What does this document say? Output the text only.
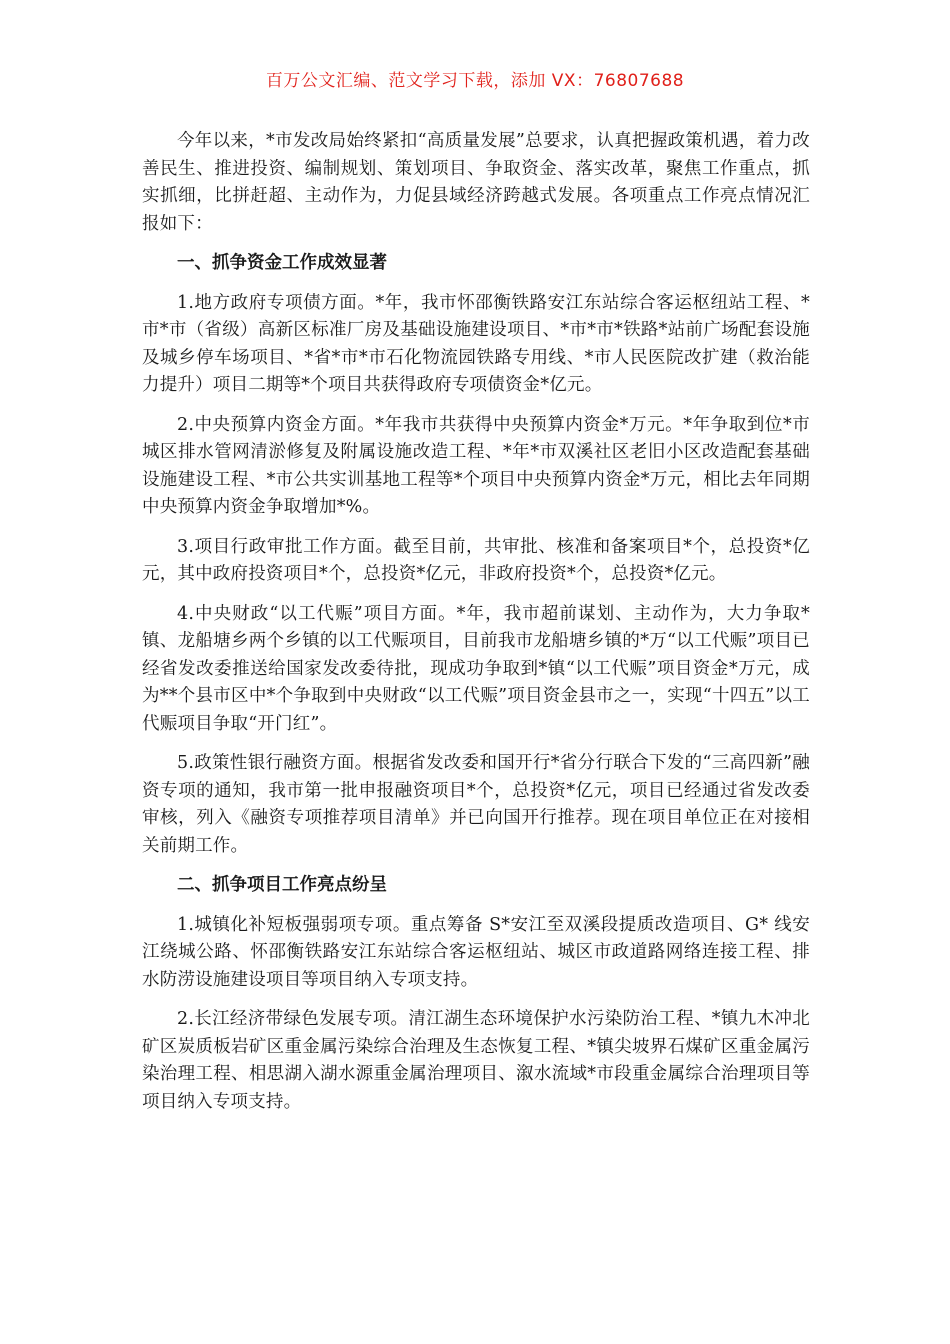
百万公文汇编、范文学习下载，添加 VX：76807688

今年以来，*市发改局始终紧扣“高质量发展”总要求，认真把握政策机遇，着力改善民生、推进投资、编制规划、策划项目、争取资金、落实改革，聚焦工作重点，抓实抓细，比拼赶超、主动作为，力促县域经济跨越式发展。各项重点工作亮点情况汇报如下：

一、抓争资金工作成效显著

1.地方政府专项债方面。*年，我市怀邵衡铁路安江东站综合客运枢纽站工程、*市*市（省级）高新区标准厂房及基础设施建设项目、*市*市*铁路*站前广场配套设施及城乡停车场项目、*省*市*市石化物流园铁路专用线、*市人民医院改扩建（救治能力提升）项目二期等*个项目共获得政府专项债资金*亿元。

2.中央预算内资金方面。*年我市共获得中央预算内资金*万元。*年争取到位*市城区排水管网清淤修复及附属设施改造工程、*年*市双溪社区老旧小区改造配套基础设施建设工程、*市公共实训基地工程等*个项目中央预算内资金*万元，相比去年同期中央预算内资金争取增加*%。

3.项目行政审批工作方面。截至目前，共审批、核准和备案项目*个，总投资*亿元，其中政府投资项目*个，总投资*亿元，非政府投资*个，总投资*亿元。

4.中央财政“以工代赈”项目方面。*年，我市超前谋划、主动作为，大力争取*镇、龙船塘乡两个乡镇的以工代赈项目，目前我市龙船塘乡镇的*万“以工代赈”项目已经省发改委推送给国家发改委待批，现成功争取到*镇“以工代赈”项目资金*万元，成为**个县市区中*个争取到中央财政“以工代赈”项目资金县市之一，实现“十四五”以工代赈项目争取“开门红”。

5.政策性银行融资方面。根据省发改委和国开行*省分行联合下发的“三高四新”融资专项的通知，我市第一批申报融资项目*个，总投资*亿元，项目已经通过省发改委审核，列入《融资专项推荐项目清单》并已向国开行推荐。现在项目单位正在对接相关前期工作。

二、抓争项目工作亮点纷呈

1.城镇化补短板强弱项专项。重点筹备 S*安江至双溪段提质改造项目、G* 线安江绕城公路、怀邵衡铁路安江东站综合客运枢纽站、城区市政道路网络连接工程、排水防涝设施建设项目等项目纳入专项支持。

2.长江经济带绿色发展专项。清江湖生态环境保护水污染防治工程、*镇九木冲北矿区炭质板岩矿区重金属污染综合治理及生态恢复工程、*镇尖坡界石煤矿区重金属污染治理工程、相思湖入湖水源重金属治理项目、溆水流域*市段重金属综合治理项目等项目纳入专项支持。
